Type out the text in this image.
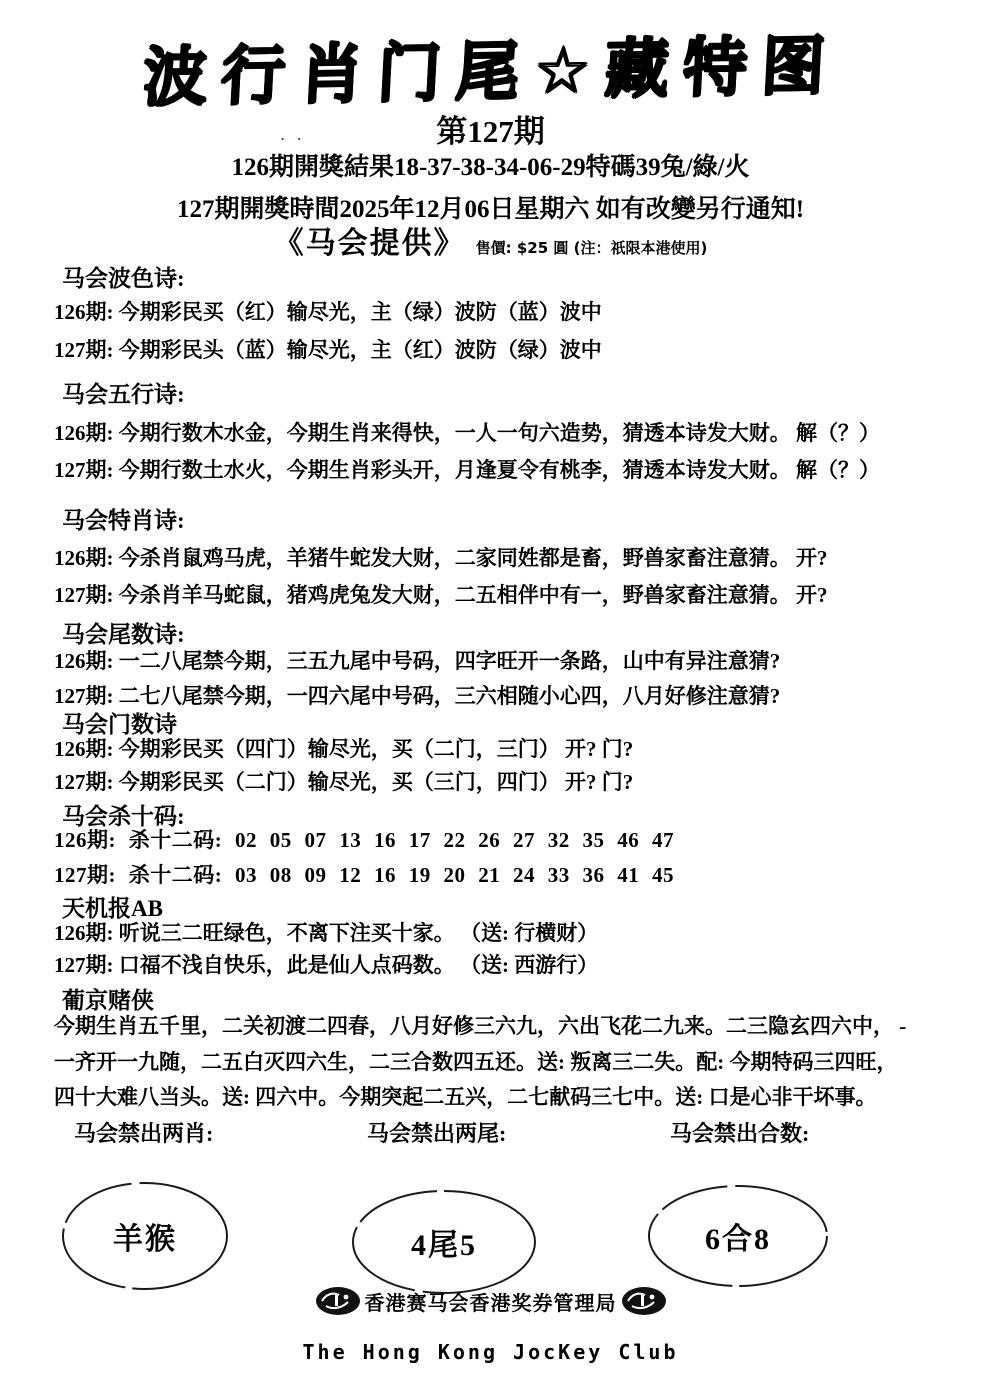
波行肖门尾☆藏特图
第127期
. .
126期開獎結果18-37-38-34-06-29特碼39兔/綠/火
127期開獎時間2025年12月06日星期六 如有改變另行通知!
《马会提供》 售價: $25 圓 (注：祇限本港使用)
马会波色诗:
126期: 今期彩民买（红）输尽光，主（绿）波防（蓝）波中
127期: 今期彩民头（蓝）输尽光，主（红）波防（绿）波中
马会五行诗:
126期: 今期行数木水金，今期生肖来得快，一人一句六造势，猜透本诗发大财。 解（？）
127期: 今期行数土水火，今期生肖彩头开，月逢夏令有桃李，猜透本诗发大财。 解（？）
马会特肖诗:
126期: 今杀肖鼠鸡马虎，羊猪牛蛇发大财，二家同姓都是畜，野兽家畜注意猜。 开?
127期: 今杀肖羊马蛇鼠，猪鸡虎兔发大财，二五相伴中有一，野兽家畜注意猜。 开?
马会尾数诗:
126期: 一二八尾禁今期，三五九尾中号码，四字旺开一条路，山中有异注意猜?
127期: 二七八尾禁今期，一四六尾中号码，三六相随小心四，八月好修注意猜?
马会门数诗
126期: 今期彩民买（四门）输尽光，买（二门，三门） 开? 门?
127期: 今期彩民买（二门）输尽光，买（三门，四门） 开? 门?
马会杀十码:
126期: 杀十二码: 02 05 07 13 16 17 22 26 27 32 35 46 47
127期: 杀十二码: 03 08 09 12 16 19 20 21 24 33 36 41 45
天机报AB
126期: 听说三二旺绿色，不离下注买十家。 （送: 行横财）
127期: 口福不浅自快乐，此是仙人点码数。 （送: 西游行）
葡京赌侠
今期生肖五千里，二关初渡二四春，八月好修三六九，六出飞花二九来。二三隐玄四六中， -
一齐开一九随，二五白灭四六生，二三合数四五还。送: 叛离三二失。配: 今期特码三四旺，
四十大难八当头。送: 四六中。今期突起二五兴，二七献码三七中。送: 口是心非干坏事。
马会禁出两肖:	马会禁出两尾:	马会禁出合数:
羊猴	4尾5	6合8
香港赛马会香港奖券管理局
The Hong Kong JocKey Club
